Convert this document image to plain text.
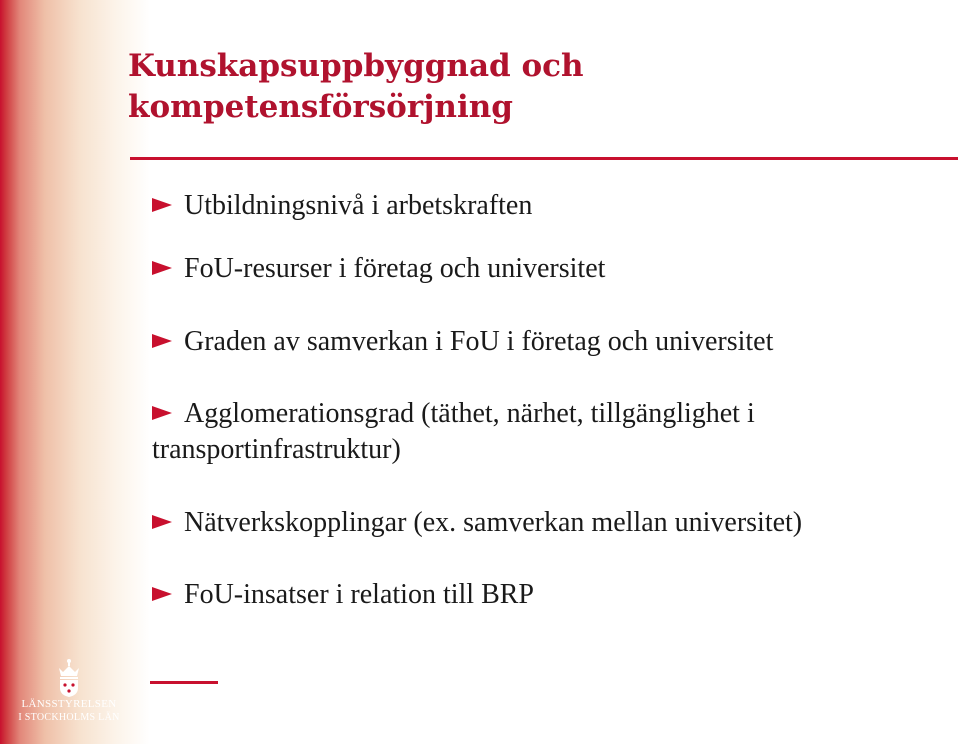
Kunskapsuppbyggnad och
kompetensförsörjning
Utbildningsnivå i arbetskraften
FoU-resurser i företag och universitet
Graden av samverkan i FoU i företag och universitet
Agglomerationsgrad (täthet, närhet, tillgänglighet i
transportinfrastruktur)
Nätverkskopplingar (ex. samverkan mellan universitet)
FoU-insatser i relation till BRP
LÄNSSTYRELSEN
I STOCKHOLMS LÄN
